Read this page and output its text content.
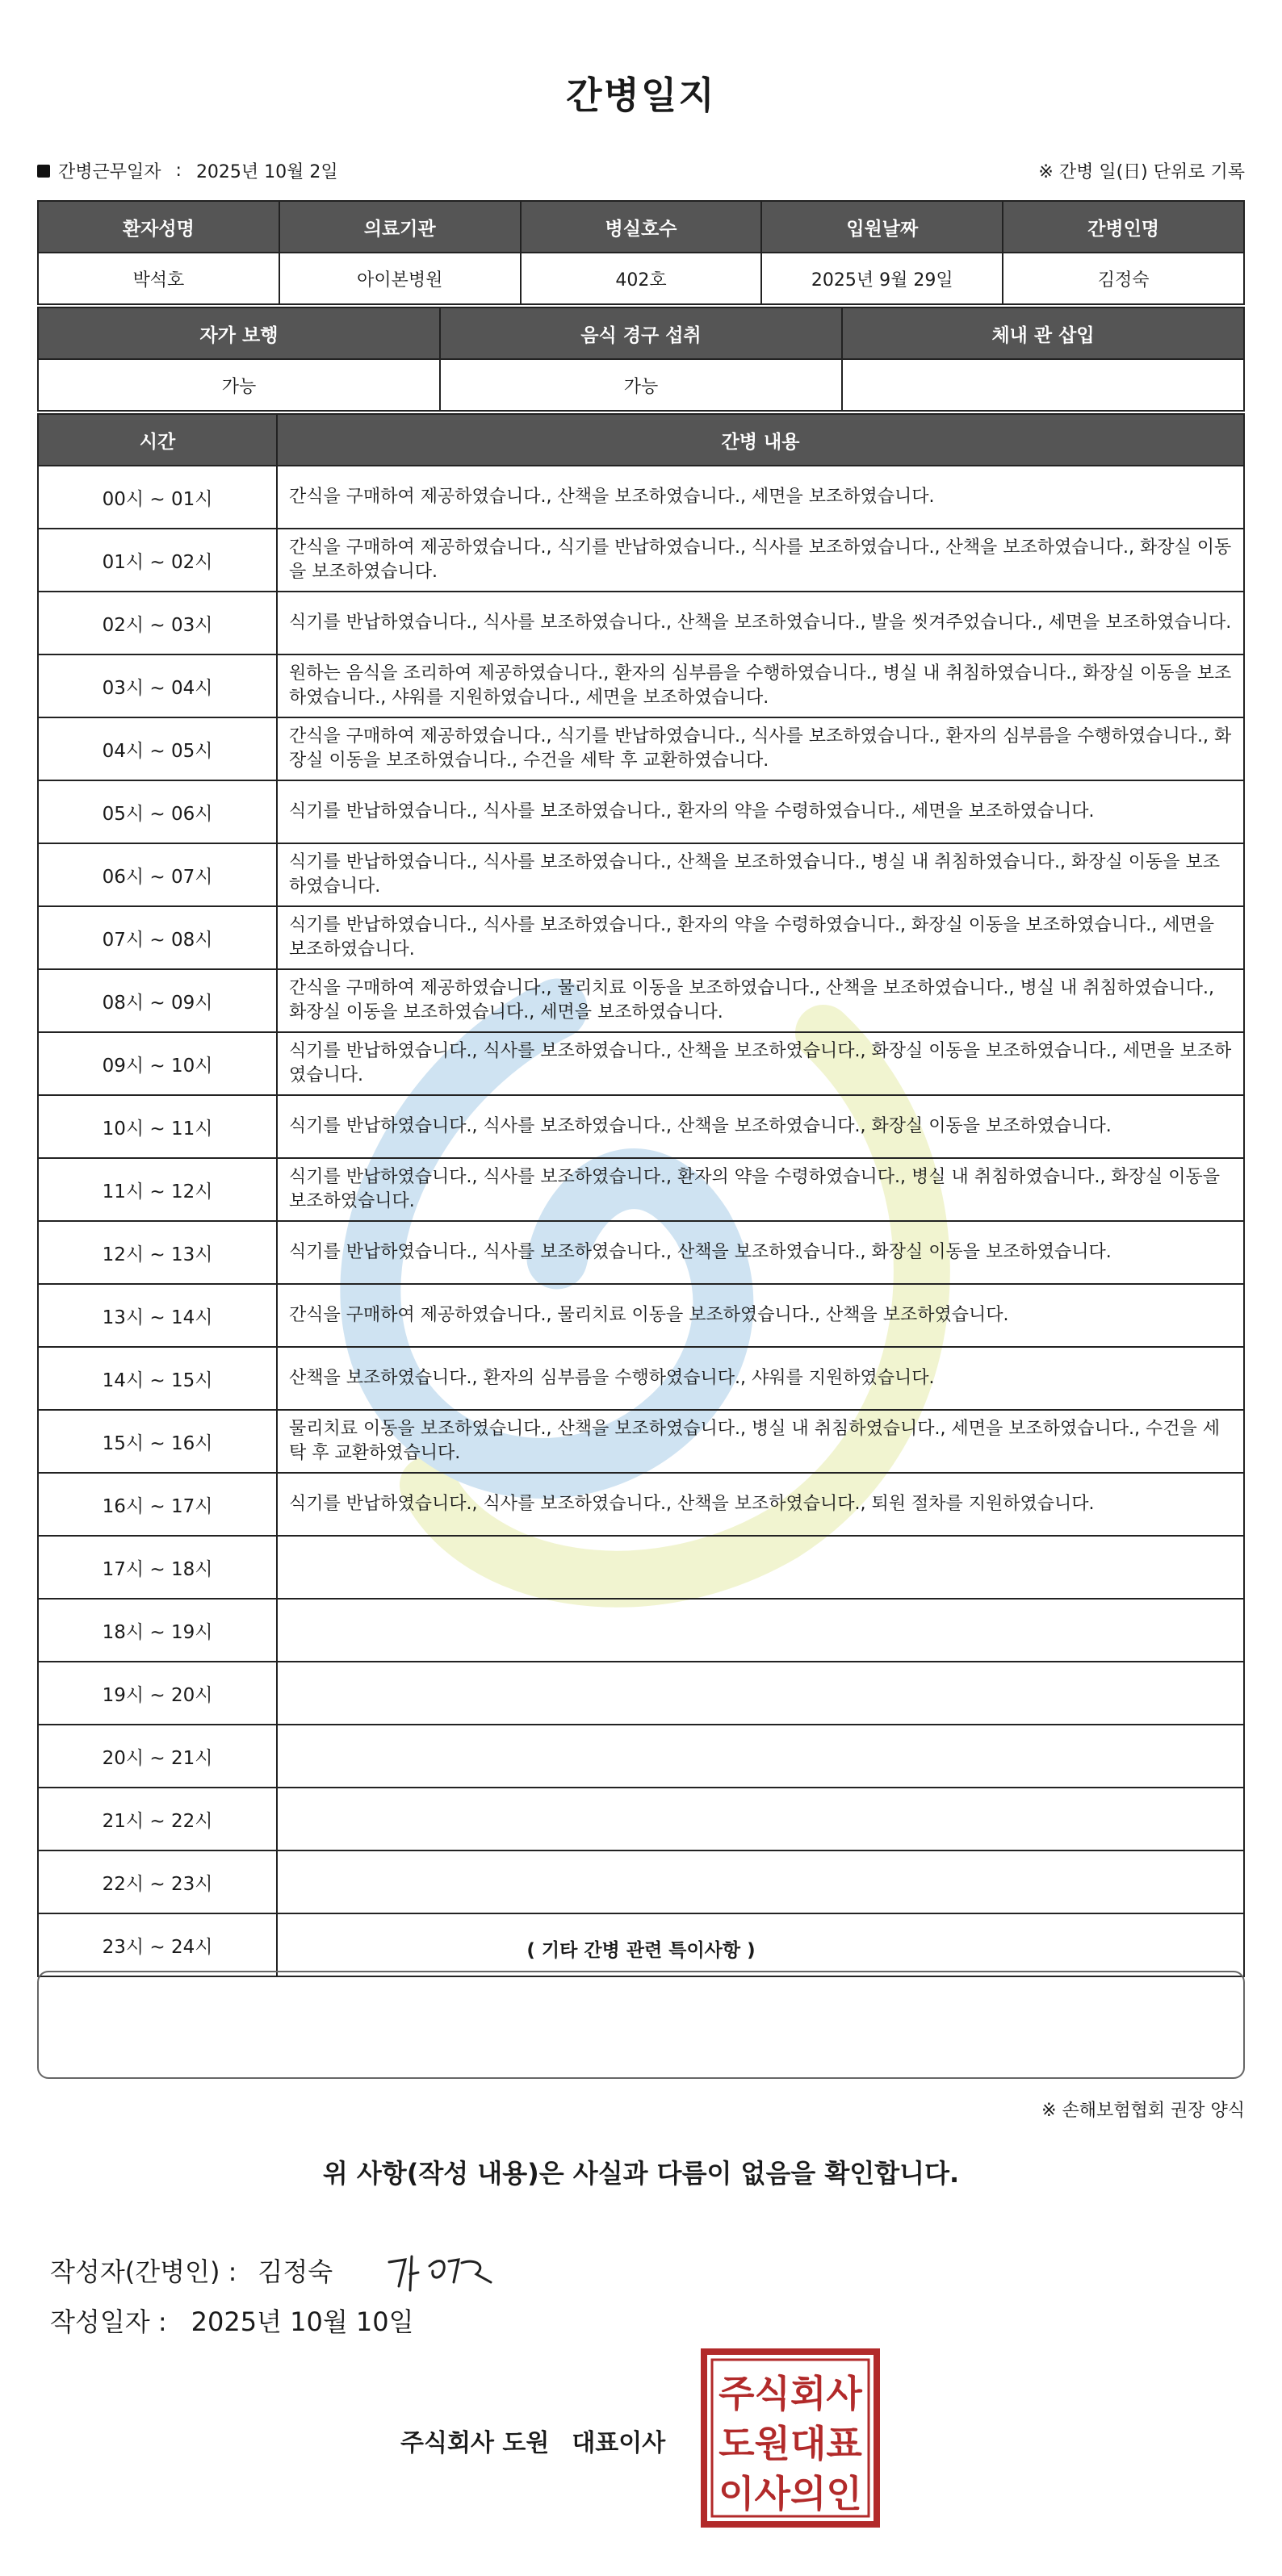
간병일지
간병근무일자 : 2025년 10월 2일	※ 간병 일(日) 단위로 기록
환자성명	의료기관	병실호수	입원날짜	간병인명
박석호	아이본병원	402호	2025년 9월 29일	김정숙
자가 보행	음식 경구 섭취	체내 관 삽입
가능	가능	
시간	간병 내용
00시 ~ 01시	간식을 구매하여 제공하였습니다., 산책을 보조하였습니다., 세면을 보조하였습니다.
01시 ~ 02시	간식을 구매하여 제공하였습니다., 식기를 반납하였습니다., 식사를 보조하였습니다., 산책을 보조하였습니다., 화장실 이동을 보조하였습니다.
02시 ~ 03시	식기를 반납하였습니다., 식사를 보조하였습니다., 산책을 보조하였습니다., 발을 씻겨주었습니다., 세면을 보조하였습니다.
03시 ~ 04시	원하는 음식을 조리하여 제공하였습니다., 환자의 심부름을 수행하였습니다., 병실 내 취침하였습니다., 화장실 이동을 보조하였습니다., 샤워를 지원하였습니다., 세면을 보조하였습니다.
04시 ~ 05시	간식을 구매하여 제공하였습니다., 식기를 반납하였습니다., 식사를 보조하였습니다., 환자의 심부름을 수행하였습니다., 화장실 이동을 보조하였습니다., 수건을 세탁 후 교환하였습니다.
05시 ~ 06시	식기를 반납하였습니다., 식사를 보조하였습니다., 환자의 약을 수령하였습니다., 세면을 보조하였습니다.
06시 ~ 07시	식기를 반납하였습니다., 식사를 보조하였습니다., 산책을 보조하였습니다., 병실 내 취침하였습니다., 화장실 이동을 보조하였습니다.
07시 ~ 08시	식기를 반납하였습니다., 식사를 보조하였습니다., 환자의 약을 수령하였습니다., 화장실 이동을 보조하였습니다., 세면을 보조하였습니다.
08시 ~ 09시	간식을 구매하여 제공하였습니다., 물리치료 이동을 보조하였습니다., 산책을 보조하였습니다., 병실 내 취침하였습니다., 화장실 이동을 보조하였습니다., 세면을 보조하였습니다.
09시 ~ 10시	식기를 반납하였습니다., 식사를 보조하였습니다., 산책을 보조하였습니다., 화장실 이동을 보조하였습니다., 세면을 보조하였습니다.
10시 ~ 11시	식기를 반납하였습니다., 식사를 보조하였습니다., 산책을 보조하였습니다., 화장실 이동을 보조하였습니다.
11시 ~ 12시	식기를 반납하였습니다., 식사를 보조하였습니다., 환자의 약을 수령하였습니다., 병실 내 취침하였습니다., 화장실 이동을 보조하였습니다.
12시 ~ 13시	식기를 반납하였습니다., 식사를 보조하였습니다., 산책을 보조하였습니다., 화장실 이동을 보조하였습니다.
13시 ~ 14시	간식을 구매하여 제공하였습니다., 물리치료 이동을 보조하였습니다., 산책을 보조하였습니다.
14시 ~ 15시	산책을 보조하였습니다., 환자의 심부름을 수행하였습니다., 샤워를 지원하였습니다.
15시 ~ 16시	물리치료 이동을 보조하였습니다., 산책을 보조하였습니다., 병실 내 취침하였습니다., 세면을 보조하였습니다., 수건을 세탁 후 교환하였습니다.
16시 ~ 17시	식기를 반납하였습니다., 식사를 보조하였습니다., 산책을 보조하였습니다., 퇴원 절차를 지원하였습니다.
17시 ~ 18시	
18시 ~ 19시	
19시 ~ 20시	
20시 ~ 21시	
21시 ~ 22시	
22시 ~ 23시	
23시 ~ 24시		( 기타 간병 관련 특이사항 )
※ 손해보험협회 권장 양식
위 사항(작성 내용)은 사실과 다름이 없음을 확인합니다.
작성자(간병인) : 김정숙
작성일자 : 2025년 10월 10일
주식회사 도원 대표이사
주식회사
도원대표
이사의인
